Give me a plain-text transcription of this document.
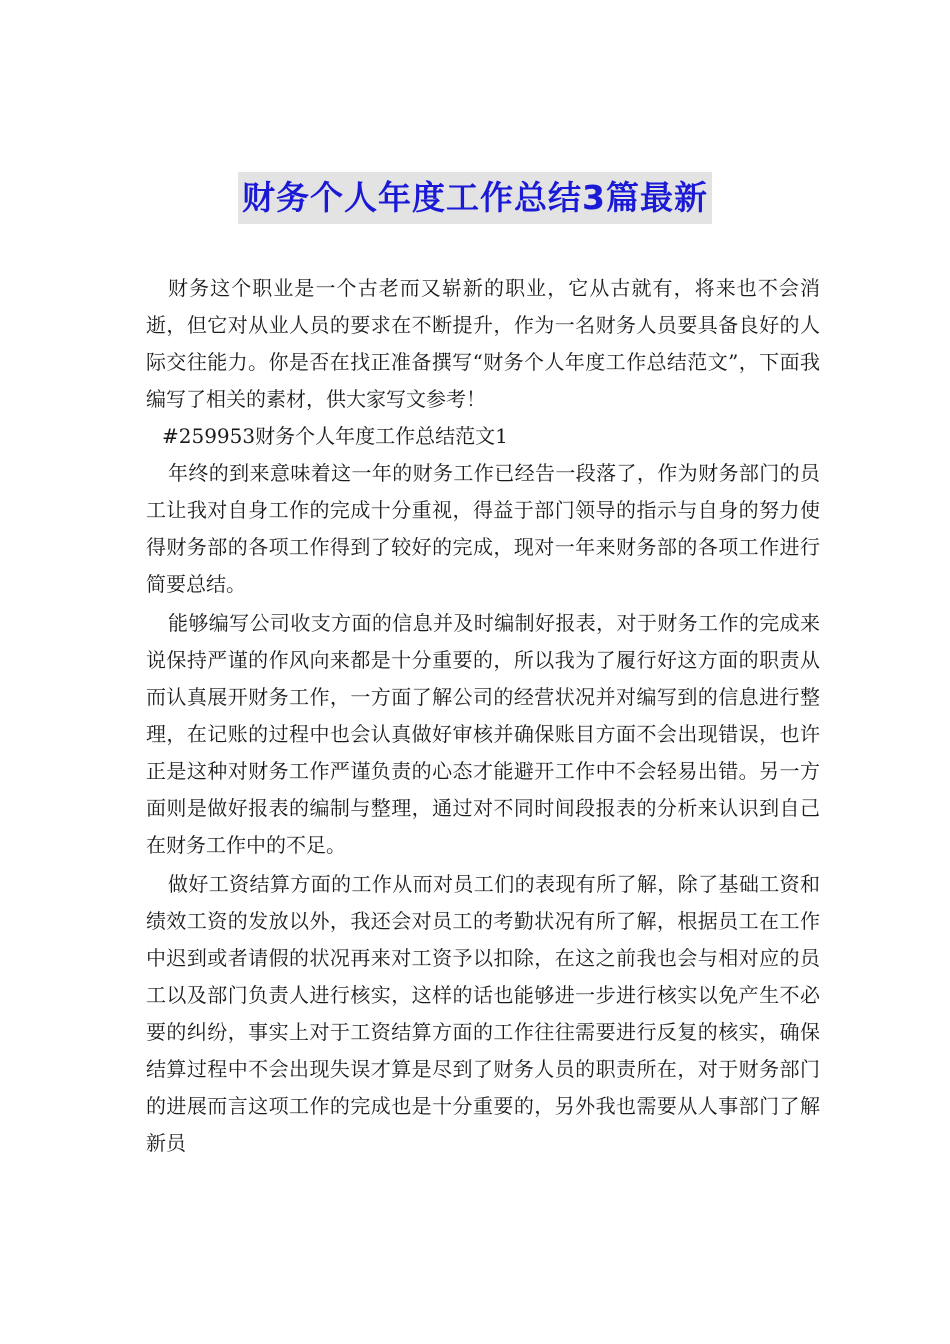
财务个人年度工作总结3篇最新

财务这个职业是一个古老而又崭新的职业，它从古就有，将来也不会消逝，但它对从业人员的要求在不断提升，作为一名财务人员要具备良好的人际交往能力。你是否在找正准备撰写“财务个人年度工作总结范文”，下面我编写了相关的素材，供大家写文参考！

#259953财务个人年度工作总结范文1

年终的到来意味着这一年的财务工作已经告一段落了，作为财务部门的员工让我对自身工作的完成十分重视，得益于部门领导的指示与自身的努力使得财务部的各项工作得到了较好的完成，现对一年来财务部的各项工作进行简要总结。

能够编写公司收支方面的信息并及时编制好报表，对于财务工作的完成来说保持严谨的作风向来都是十分重要的，所以我为了履行好这方面的职责从而认真展开财务工作，一方面了解公司的经营状况并对编写到的信息进行整理，在记账的过程中也会认真做好审核并确保账目方面不会出现错误，也许正是这种对财务工作严谨负责的心态才能避开工作中不会轻易出错。另一方面则是做好报表的编制与整理，通过对不同时间段报表的分析来认识到自己在财务工作中的不足。

做好工资结算方面的工作从而对员工们的表现有所了解，除了基础工资和绩效工资的发放以外，我还会对员工的考勤状况有所了解，根据员工在工作中迟到或者请假的状况再来对工资予以扣除，在这之前我也会与相对应的员工以及部门负责人进行核实，这样的话也能够进一步进行核实以免产生不必要的纠纷，事实上对于工资结算方面的工作往往需要进行反复的核实，确保结算过程中不会出现失误才算是尽到了财务人员的职责所在，对于财务部门的进展而言这项工作的完成也是十分重要的，另外我也需要从人事部门了解新员
